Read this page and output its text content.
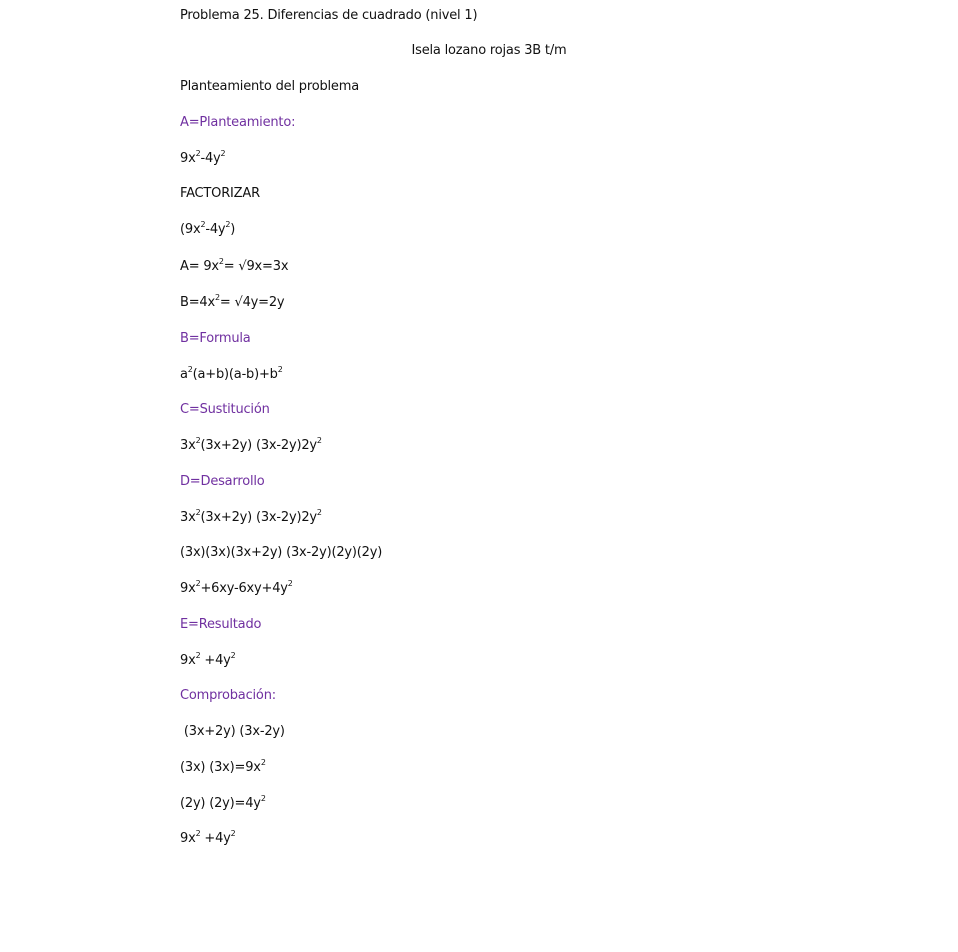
Problema 25. Diferencias de cuadrado (nivel 1)
Isela lozano rojas 3B t/m
Planteamiento del problema
A=Planteamiento:
$9x^2-4y^2$
FACTORIZAR
$(9x^2-4y^2)$
$A= 9x^2= √9x=3x$
$B=4x^2= √4y=2y$
B=Formula
$a^2(a+b)(a-b)+b^2$
C=Sustitución
$3x^2(3x+2y)$ $(3x-2y)2y^2$
D=Desarrollo
$3x^2(3x+2y)$ $(3x-2y)2y^2$
(3x)(3x)(3x+2y) (3x-2y)(2y)(2y)
$9x^2+6xy-6xy+4y^2$
E=Resultado
$9x^2 +4y^2$
Comprobación:
(3x+2y) (3x-2y)
(3x) $(3x)=9x^2$
(2y) $(2y)=4y^2$
$9x^2 +4y^2$
